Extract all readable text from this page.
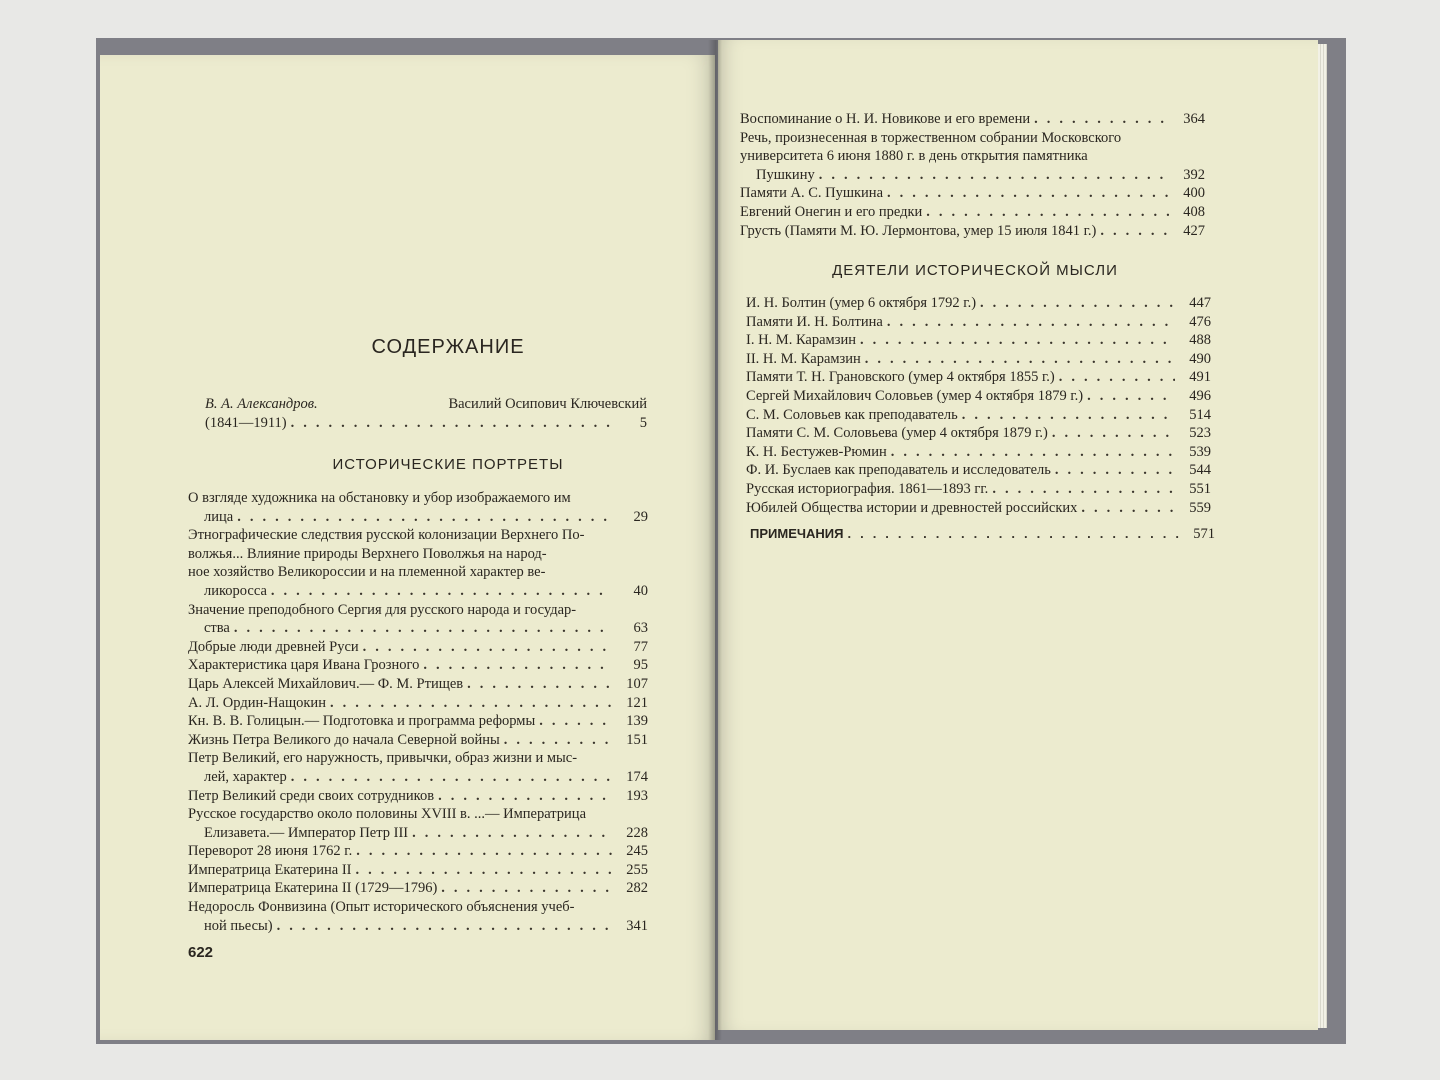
СОДЕРЖАНИЕ
В. А. Александров.	Василий Осипович Ключевский
(1841—1911) .....	5
ИСТОРИЧЕСКИЕ ПОРТРЕТЫ
О взгляде художника на обстановку и убор изображаемого им
лица .....	29
Этнографические следствия русской колонизации Верхнего По-
волжья... Влияние природы Верхнего Поволжья на народ-
ное хозяйство Великороссии и на племенной характер ве-
ликоросса .....	40
Значение преподобного Сергия для русского народа и государ-
ства .....	63
Добрые люди древней Руси .....	77
Характеристика царя Ивана Грозного .....	95
Царь Алексей Михайлович.— Ф. М. Ртищев .....	107
А. Л. Ордин-Нащокин .....	121
Кн. В. В. Голицын.— Подготовка и программа реформы .....	139
Жизнь Петра Великого до начала Северной войны .....	151
Петр Великий, его наружность, привычки, образ жизни и мыс-
лей, характер .....	174
Петр Великий среди своих сотрудников .....	193
Русское государство около половины XVIII в. ...— Императрица
Елизавета.— Император Петр III .....	228
Переворот 28 июня 1762 г. .....	245
Императрица Екатерина II .....	255
Императрица Екатерина II (1729—1796) .....	282
Недоросль Фонвизина (Опыт исторического объяснения учеб-
ной пьесы) .....	341
622
Воспоминание о Н. И. Новикове и его времени .....	364
Речь, произнесенная в торжественном собрании Московского
университета 6 июня 1880 г. в день открытия памятника
Пушкину .....	392
Памяти А. С. Пушкина .....	400
Евгений Онегин и его предки .....	408
Грусть (Памяти М. Ю. Лермонтова, умер 15 июля 1841 г.) .....	427
ДЕЯТЕЛИ ИСТОРИЧЕСКОЙ МЫСЛИ
И. Н. Болтин (умер 6 октября 1792 г.) .....	447
Памяти И. Н. Болтина .....	476
I. Н. М. Карамзин .....	488
II. Н. М. Карамзин .....	490
Памяти Т. Н. Грановского (умер 4 октября 1855 г.) .....	491
Сергей Михайлович Соловьев (умер 4 октября 1879 г.) .....	496
С. М. Соловьев как преподаватель .....	514
Памяти С. М. Соловьева (умер 4 октября 1879 г.) .....	523
К. Н. Бестужев-Рюмин .....	539
Ф. И. Буслаев как преподаватель и исследователь .....	544
Русская историография. 1861—1893 гг. .....	551
Юбилей Общества истории и древностей российских .....	559
ПРИМЕЧАНИЯ .....	571
